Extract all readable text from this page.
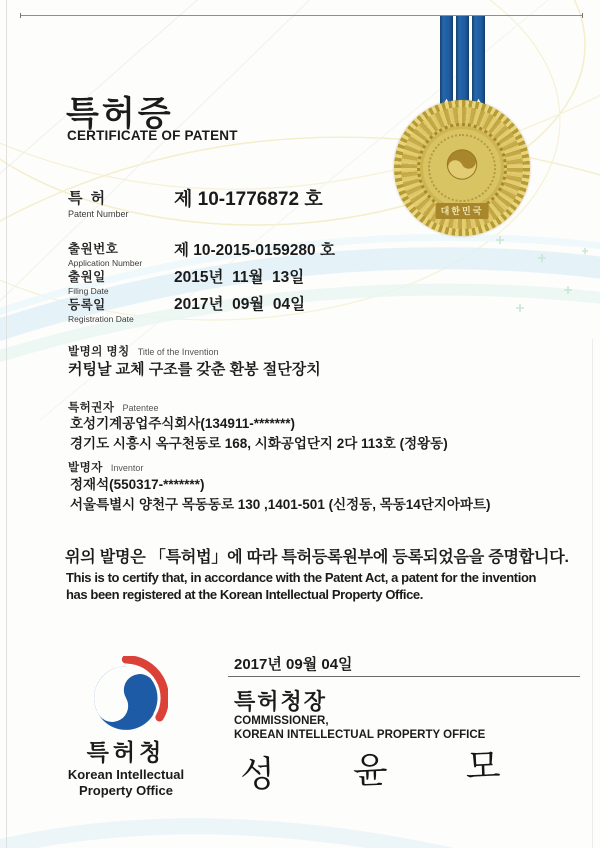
대한민국
특허증
CERTIFICATE OF PATENT
특 허
Patent Number
제 10-1776872 호
출원번호
Application Number
제 10-2015-0159280 호
출원일
Filing Date
2015년  11월  13일
등록일
Registration Date
2017년  09월  04일
발명의 명칭 Title of the Invention
커팅날 교체 구조를 갖춘 환봉 절단장치
특허권자 Patentee
호성기계공업주식회사(134911-*******)
경기도 시흥시 옥구천동로 168, 시화공업단지 2다 113호 (정왕동)
발명자 Inventor
정재석(550317-*******)
서울특별시 양천구 목동동로 130 ,1401-501 (신정동, 목동14단지아파트)
위의 발명은 「특허법」에 따라 특허등록원부에 등록되었음을 증명합니다.
This is to certify that, in accordance with the Patent Act, a patent for the invention
has been registered at the Korean Intellectual Property Office.
2017년 09월 04일
특허청장
COMMISSIONER,
KOREAN INTELLECTUAL PROPERTY OFFICE
성 윤 모
특허청
Korean Intellectual
Property Office
